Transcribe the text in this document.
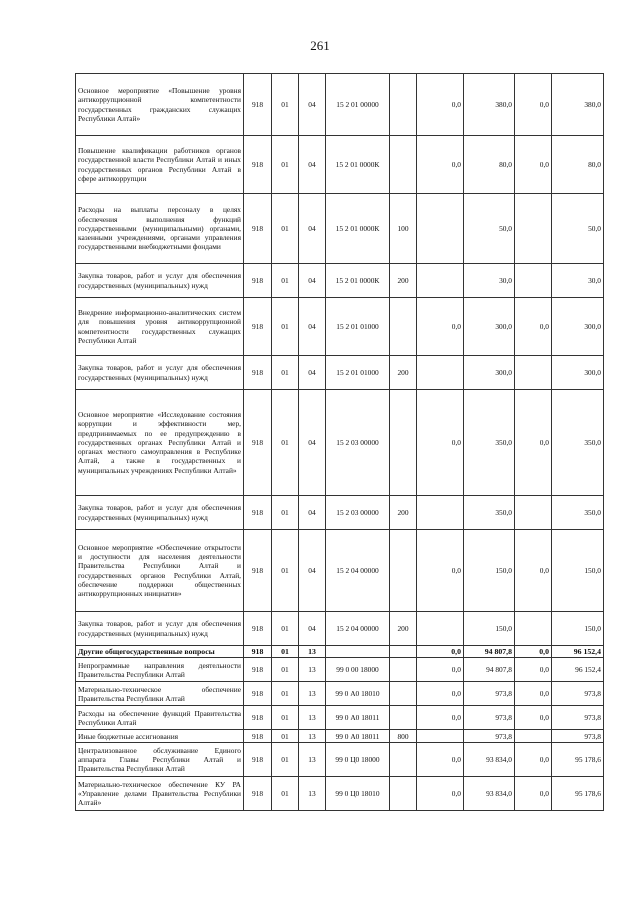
261
Основное мероприятие «Повышение уровня антикоррупционной компетентности государственных гражданских служащих Республики Алтай»	918	01	04	15 2 01 00000		0,0	380,0	0,0	380,0
Повышение квалификации работников органов государственной власти Республики Алтай и иных государственных органов Республики Алтай в сфере антикоррупции	918	01	04	15 2 01 0000К		0,0	80,0	0,0	80,0
Расходы на выплаты персоналу в целях обеспечения выполнения функций государственными (муниципальными) органами, казенными учреждениями, органами управления государственными внебюджетными фондами	918	01	04	15 2 01 0000К	100		50,0		50,0
Закупка товаров, работ и услуг для обеспечения государственных (муниципальных) нужд	918	01	04	15 2 01 0000К	200		30,0		30,0
Внедрение информационно-аналитических систем для повышения уровня антикоррупционной компетентности государственных служащих Республики Алтай	918	01	04	15 2 01 01000		0,0	300,0	0,0	300,0
Закупка товаров, работ и услуг для обеспечения государственных (муниципальных) нужд	918	01	04	15 2 01 01000	200		300,0		300,0
Основное мероприятие «Исследование состояния коррупции и эффективности мер, предпринимаемых по ее предупреждению в государственных органах Республики Алтай и органах местного самоуправления в Республике Алтай, а также в государственных и муниципальных учреждениях Республики Алтай»	918	01	04	15 2 03 00000		0,0	350,0	0,0	350,0
Закупка товаров, работ и услуг для обеспечения государственных (муниципальных) нужд	918	01	04	15 2 03 00000	200		350,0		350,0
Основное мероприятие «Обеспечение открытости и доступности для населения деятельности Правительства Республики Алтай и государственных органов Республики Алтай, обеспечение поддержки общественных антикоррупционных инициатив»	918	01	04	15 2 04 00000		0,0	150,0	0,0	150,0
Закупка товаров, работ и услуг для обеспечения государственных (муниципальных) нужд	918	01	04	15 2 04 00000	200		150,0		150,0
Другие общегосударственные вопросы	918	01	13			0,0	94 807,8	0,0	96 152,4
Непрограммные направления деятельности Правительства Республики Алтай	918	01	13	99 0 00 18000		0,0	94 807,8	0,0	96 152,4
Материально-техническое обеспечение Правительства Республики Алтай	918	01	13	99 0 А0 18010		0,0	973,8	0,0	973,8
Расходы на обеспечение функций Правительства Республики Алтай	918	01	13	99 0 А0 18011		0,0	973,8	0,0	973,8
Иные бюджетные ассигнования	918	01	13	99 0 А0 18011	800		973,8		973,8
Централизованное обслуживание Единого аппарата Главы Республики Алтай и Правительства Республики Алтай	918	01	13	99 0 Ц0 18000		0,0	93 834,0	0,0	95 178,6
Материально-техническое обеспечение КУ РА «Управление делами Правительства Республики Алтай»	918	01	13	99 0 Ц0 18010		0,0	93 834,0	0,0	95 178,6
